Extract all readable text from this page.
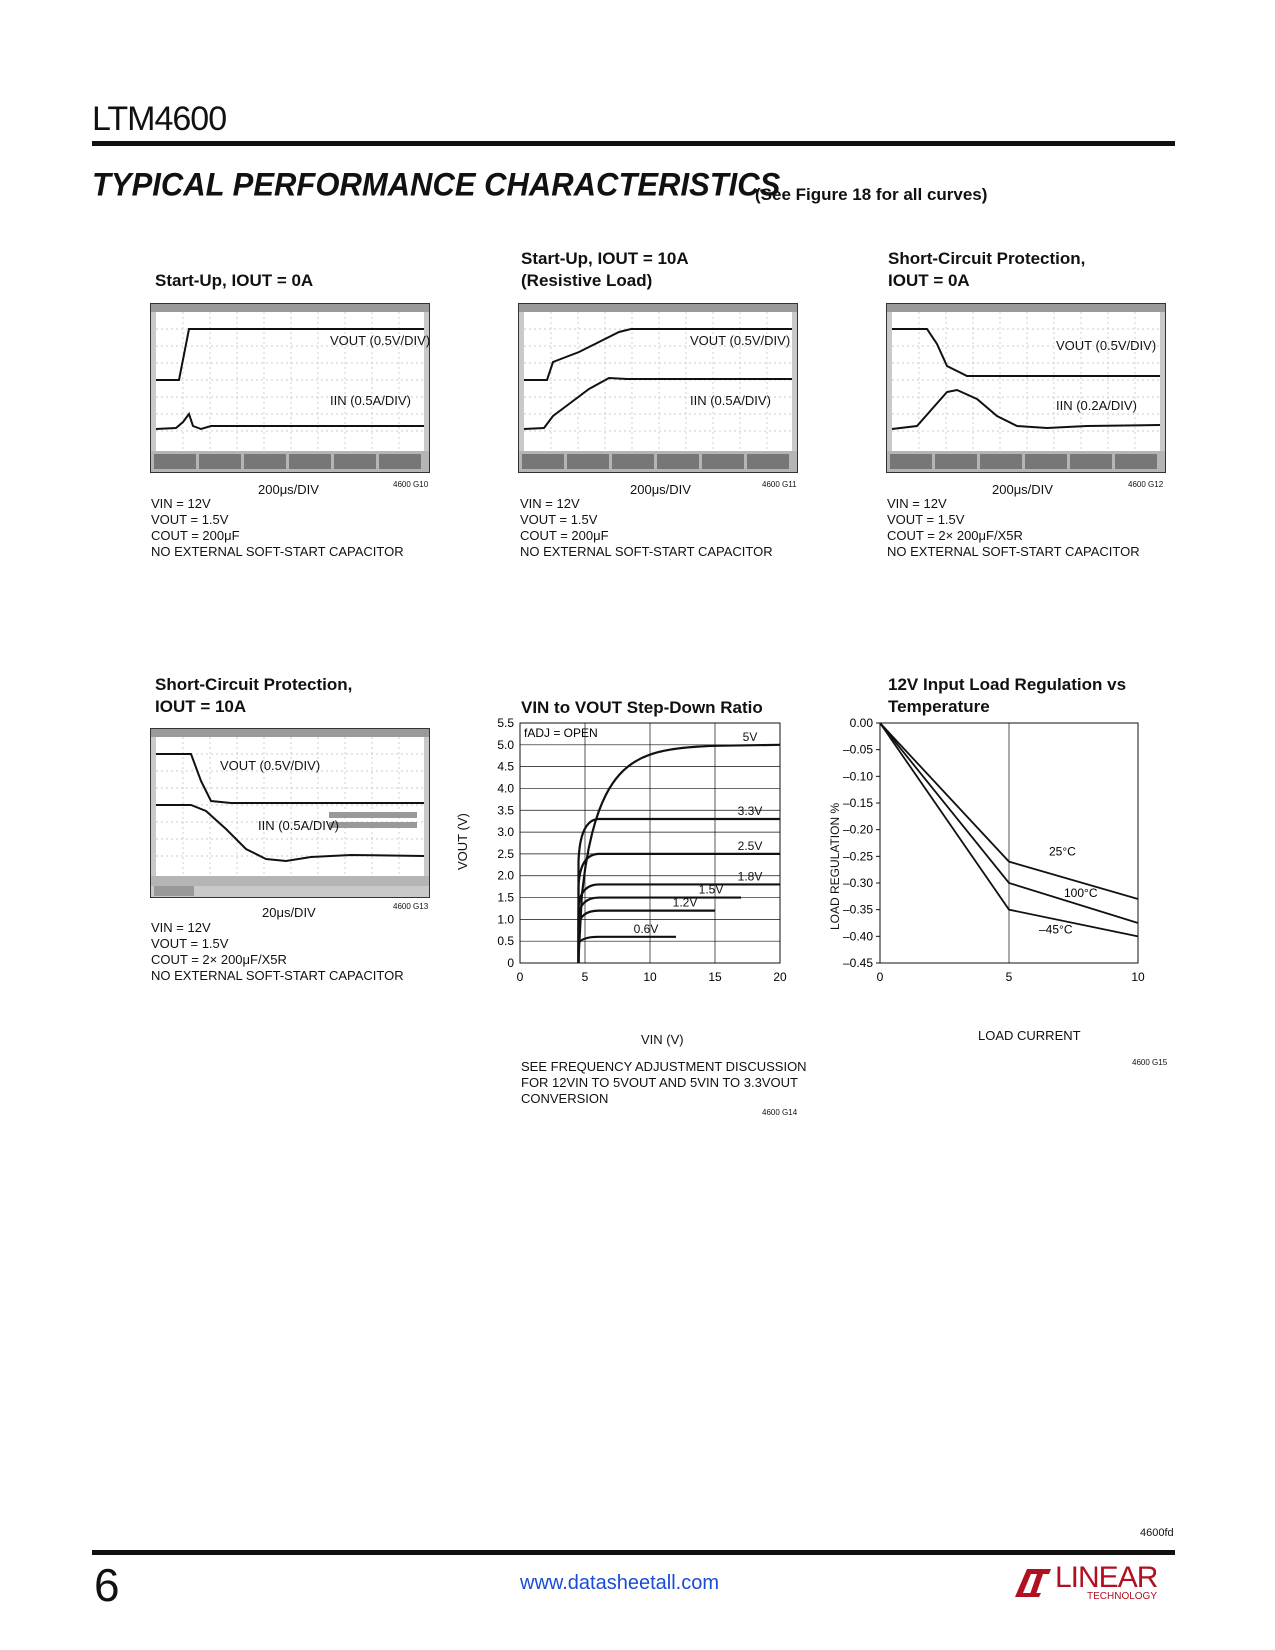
LTM4600
TYPICAL PERFORMANCE CHARACTERISTICS
(See Figure 18 for all curves)
Start-Up, IOUT = 0A
VOUT (0.5V/DIV)
IIN (0.5A/DIV)
200μs/DIV	4600 G10
VIN = 12V
VOUT = 1.5V
COUT = 200μF
NO EXTERNAL SOFT-START CAPACITOR
Start-Up, IOUT = 10A
(Resistive Load)
VOUT (0.5V/DIV)
IIN (0.5A/DIV)
200μs/DIV	4600 G11
VIN = 12V
VOUT = 1.5V
COUT = 200μF
NO EXTERNAL SOFT-START CAPACITOR
Short-Circuit Protection,
IOUT = 0A
VOUT (0.5V/DIV)
IIN (0.2A/DIV)
200μs/DIV	4600 G12
VIN = 12V
VOUT = 1.5V
COUT = 2× 200μF/X5R
NO EXTERNAL SOFT-START CAPACITOR
Short-Circuit Protection,
IOUT = 10A
VOUT (0.5V/DIV)
IIN (0.5A/DIV)
20μs/DIV	4600 G13
VIN = 12V
VOUT = 1.5V
COUT = 2× 200μF/X5R
NO EXTERNAL SOFT-START CAPACITOR
VIN to VOUT Step-Down Ratio
0	5	10	15	20
0
0.5
1.0
1.5
2.0
2.5
3.0
3.5
4.0
4.5
5.0
5.5
fADJ = OPEN	5V
3.3V
2.5V
1.8V
1.5V
1.2V
0.6V
VIN (V)
VOUT (V)
SEE FREQUENCY ADJUSTMENT DISCUSSION
FOR 12VIN TO 5VOUT AND 5VIN TO 3.3VOUT
CONVERSION
4600 G14
12V Input Load Regulation vs Temperature
0	5	10
0.00
–0.05
–0.10
–0.15
–0.20
–0.25
–0.30
–0.35
–0.40
–0.45
25°C
100°C
–45°C
LOAD CURRENT
LOAD REGULATION %
4600 G15
4600fd
6	www.datasheetall.com	LINEAR
TECHNOLOGY
